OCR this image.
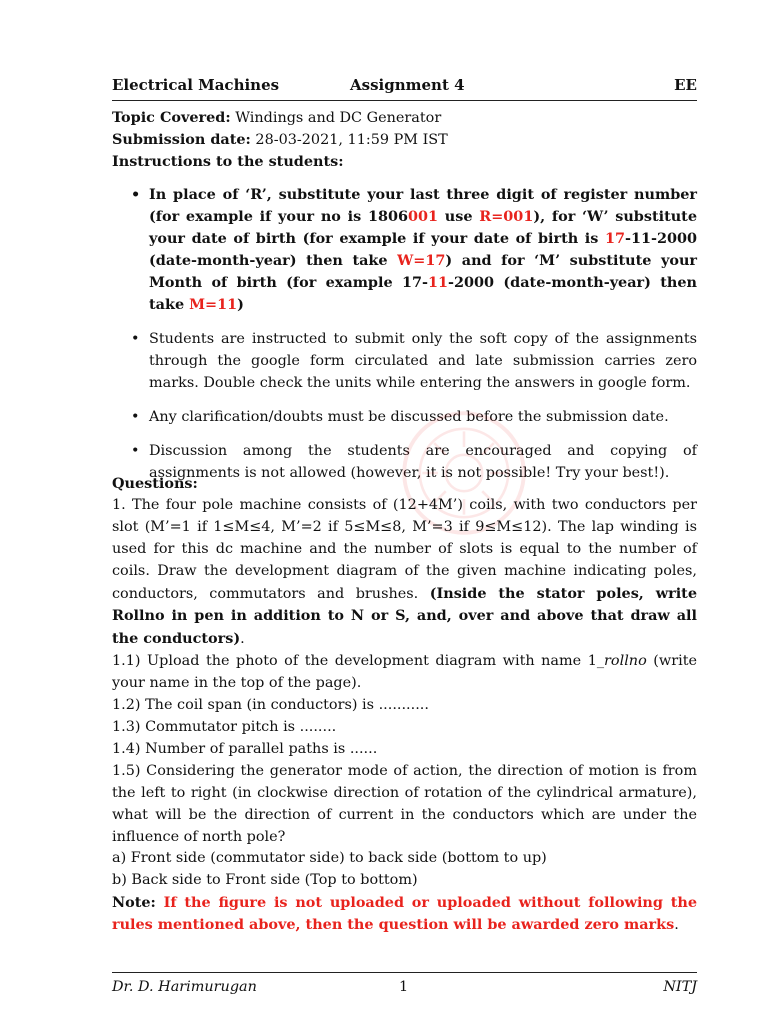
Electrical Machines	Assignment 4	EE
Topic Covered: Windings and DC Generator
Submission date: 28-03-2021, 11:59 PM IST
Instructions to the students:

• In place of ‘R’, substitute your last three digit of register number (for example if your no is 1806001 use R=001), for ‘W’ substitute your date of birth (for example if your date of birth is 17-11-2000 (date-month-year) then take W=17) and for ‘M’ substitute your Month of birth (for example 17-11-2000 (date-month-year) then take M=11)

• Students are instructed to submit only the soft copy of the assignments through the google form circulated and late submission carries zero marks. Double check the units while entering the answers in google form.

• Any clarification/doubts must be discussed before the submission date.

• Discussion among the students are encouraged and copying of assignments is not allowed (however, it is not possible! Try your best!).

Questions:
1. The four pole machine consists of (12+4M’) coils, with two conductors per slot (M’=1 if 1≤M≤4, M’=2 if 5≤M≤8, M’=3 if 9≤M≤12). The lap winding is used for this dc machine and the number of slots is equal to the number of coils. Draw the development diagram of the given machine indicating poles, conductors, commutators and brushes. (Inside the stator poles, write Rollno in pen in addition to N or S, and, over and above that draw all the conductors).
1.1) Upload the photo of the development diagram with name 1_rollno (write your name in the top of the page).
1.2) The coil span (in conductors) is ...........
1.3) Commutator pitch is ........
1.4) Number of parallel paths is ......
1.5) Considering the generator mode of action, the direction of motion is from the left to right (in clockwise direction of rotation of the cylindrical armature), what will be the direction of current in the conductors which are under the influence of north pole?
a) Front side (commutator side) to back side (bottom to up)
b) Back side to Front side (Top to bottom)
Note: If the figure is not uploaded or uploaded without following the rules mentioned above, then the question will be awarded zero marks.
Dr. D. Harimurugan	1	NITJ
